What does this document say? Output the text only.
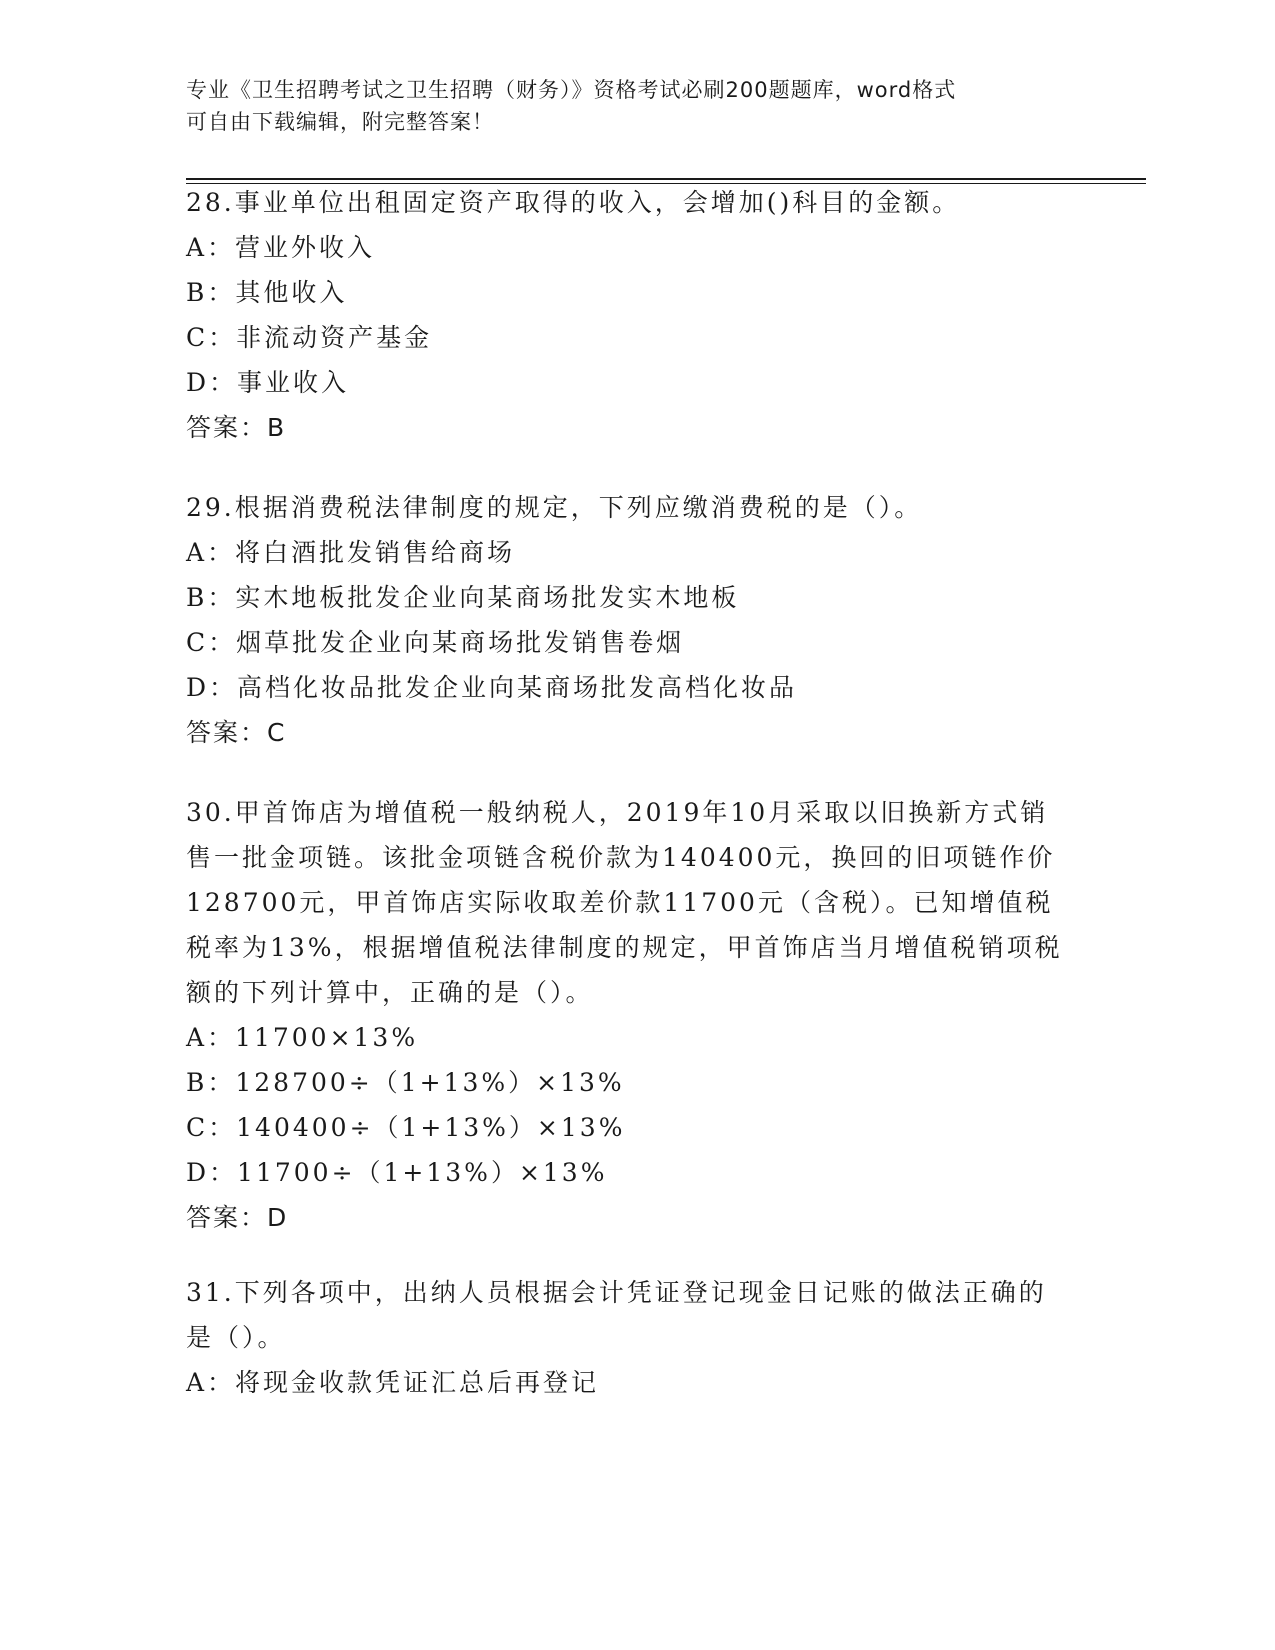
专业《卫生招聘考试之卫生招聘（财务）》资格考试必刷200题题库，word格式
可自由下载编辑，附完整答案！
28.事业单位出租固定资产取得的收入，会增加()科目的金额。
A：营业外收入
B：其他收入
C：非流动资产基金
D：事业收入
答案：B
29.根据消费税法律制度的规定，下列应缴消费税的是（）。
A：将白酒批发销售给商场
B：实木地板批发企业向某商场批发实木地板
C：烟草批发企业向某商场批发销售卷烟
D：高档化妆品批发企业向某商场批发高档化妆品
答案：C
30.甲首饰店为增值税一般纳税人，2019年10月采取以旧换新方式销
售一批金项链。该批金项链含税价款为140400元，换回的旧项链作价
128700元，甲首饰店实际收取差价款11700元（含税）。已知增值税
税率为13%，根据增值税法律制度的规定，甲首饰店当月增值税销项税
额的下列计算中，正确的是（）。
A：11700×13%
B：128700÷（1+13%）×13%
C：140400÷（1+13%）×13%
D：11700÷（1+13%）×13%
答案：D
31.下列各项中，出纳人员根据会计凭证登记现金日记账的做法正确的
是（）。
A：将现金收款凭证汇总后再登记
